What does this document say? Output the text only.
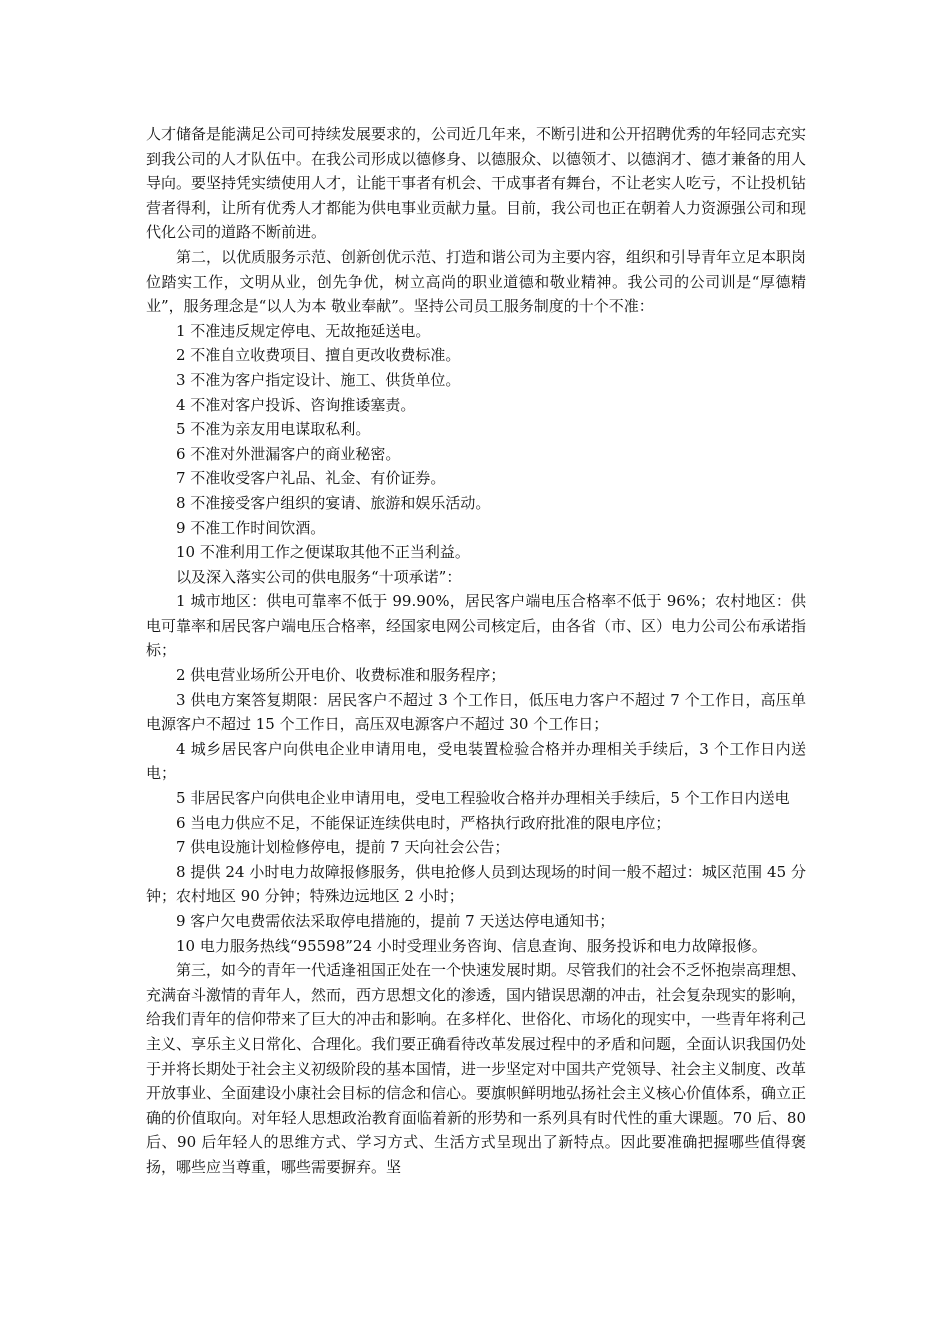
人才储备是能满足公司可持续发展要求的，公司近几年来，不断引进和公开招聘优秀的年轻同志充实到我公司的人才队伍中。在我公司形成以德修身、以德服众、以德领才、以德润才、德才兼备的用人导向。要坚持凭实绩使用人才，让能干事者有机会、干成事者有舞台，不让老实人吃亏，不让投机钻营者得利，让所有优秀人才都能为供电事业贡献力量。目前，我公司也正在朝着人力资源强公司和现代化公司的道路不断前进。

第二，以优质服务示范、创新创优示范、打造和谐公司为主要内容，组织和引导青年立足本职岗位踏实工作，文明从业，创先争优，树立高尚的职业道德和敬业精神。我公司的公司训是“厚德精业”，服务理念是“以人为本 敬业奉献”。坚持公司员工服务制度的十个不准：

1 不准违反规定停电、无故拖延送电。

2 不准自立收费项目、擅自更改收费标准。

3 不准为客户指定设计、施工、供货单位。

4 不准对客户投诉、咨询推诿塞责。

5 不准为亲友用电谋取私利。

6 不准对外泄漏客户的商业秘密。

7 不准收受客户礼品、礼金、有价证券。

8 不准接受客户组织的宴请、旅游和娱乐活动。

9 不准工作时间饮酒。

10 不准利用工作之便谋取其他不正当利益。

以及深入落实公司的供电服务“十项承诺”：

1 城市地区：供电可靠率不低于 99.90%，居民客户端电压合格率不低于 96%；农村地区：供电可靠率和居民客户端电压合格率，经国家电网公司核定后，由各省（市、区）电力公司公布承诺指标；

2 供电营业场所公开电价、收费标准和服务程序；

3 供电方案答复期限：居民客户不超过 3 个工作日，低压电力客户不超过 7 个工作日，高压单电源客户不超过 15 个工作日，高压双电源客户不超过 30 个工作日；

4 城乡居民客户向供电企业申请用电，受电装置检验合格并办理相关手续后，3 个工作日内送电；

5 非居民客户向供电企业申请用电，受电工程验收合格并办理相关手续后，5 个工作日内送电

6 当电力供应不足，不能保证连续供电时，严格执行政府批准的限电序位；

7 供电设施计划检修停电，提前 7 天向社会公告；

8 提供 24 小时电力故障报修服务，供电抢修人员到达现场的时间一般不超过：城区范围 45 分钟；农村地区 90 分钟；特殊边远地区 2 小时；

9 客户欠电费需依法采取停电措施的，提前 7 天送达停电通知书；

10 电力服务热线“95598”24 小时受理业务咨询、信息查询、服务投诉和电力故障报修。

第三，如今的青年一代适逢祖国正处在一个快速发展时期。尽管我们的社会不乏怀抱崇高理想、充满奋斗激情的青年人，然而，西方思想文化的渗透，国内错误思潮的冲击，社会复杂现实的影响，给我们青年的信仰带来了巨大的冲击和影响。在多样化、世俗化、市场化的现实中，一些青年将利己主义、享乐主义日常化、合理化。我们要正确看待改革发展过程中的矛盾和问题，全面认识我国仍处于并将长期处于社会主义初级阶段的基本国情，进一步坚定对中国共产党领导、社会主义制度、改革开放事业、全面建设小康社会目标的信念和信心。要旗帜鲜明地弘扬社会主义核心价值体系，确立正确的价值取向。对年轻人思想政治教育面临着新的形势和一系列具有时代性的重大课题。70 后、80 后、90 后年轻人的思维方式、学习方式、生活方式呈现出了新特点。因此要准确把握哪些值得褒扬，哪些应当尊重，哪些需要摒弃。坚
